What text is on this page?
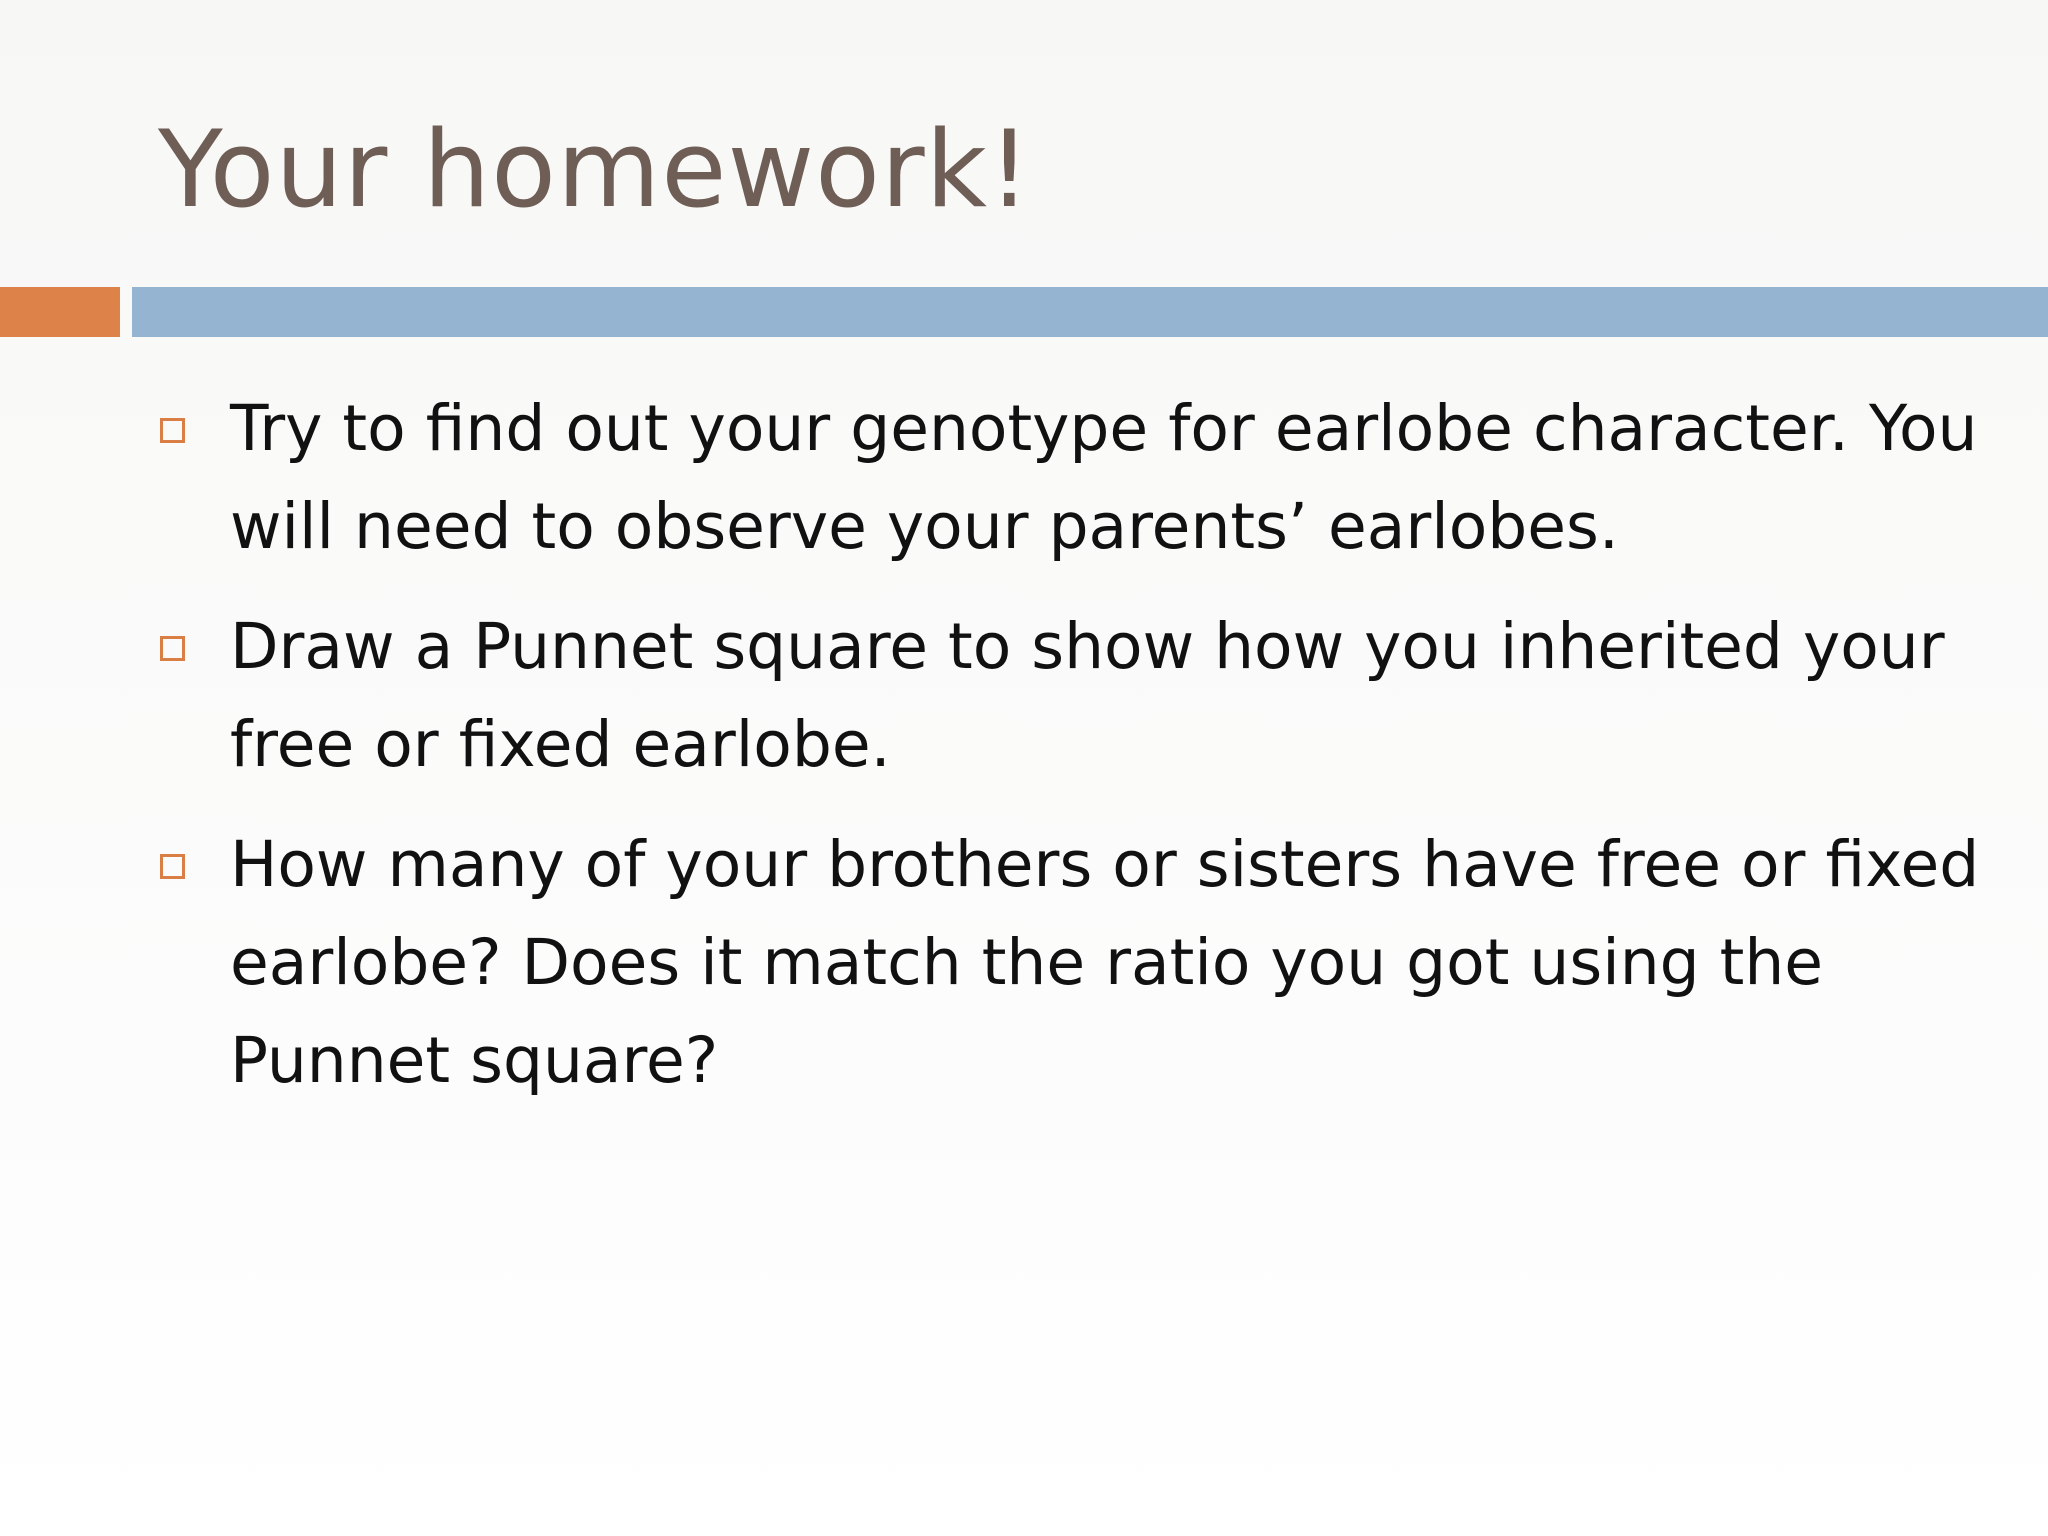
Your homework!
Try to find out your genotype for earlobe character. You will need to observe your parents’ earlobes.
Draw a Punnet square to show how you inherited your free or fixed earlobe.
How many of your brothers or sisters have free or fixed earlobe? Does it match the ratio you got using the Punnet square?
